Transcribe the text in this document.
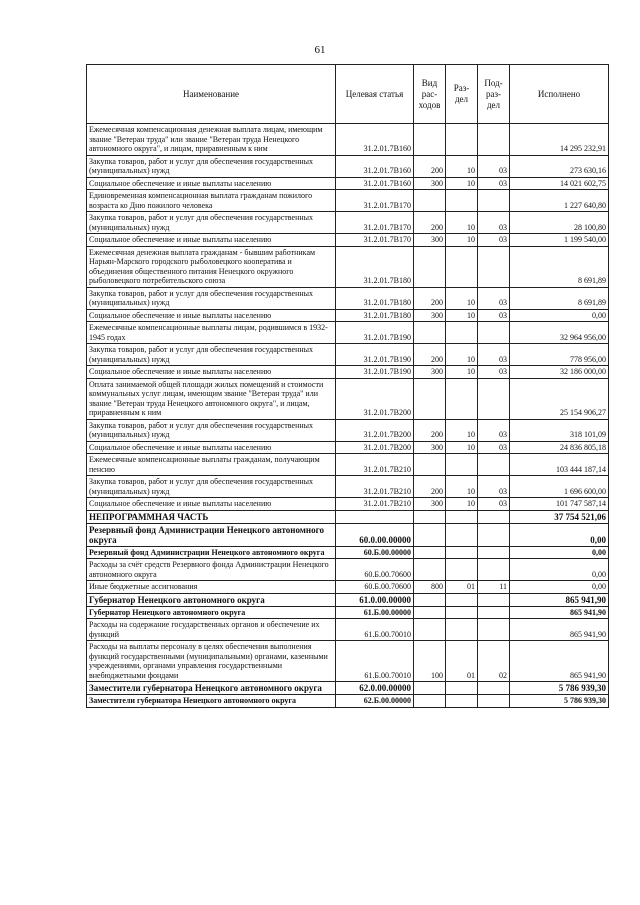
61
Наименование	Целевая статья	Вид рас- ходов	Раз- дел	Под- раз- дел	Исполнено
Ежемесячная компенсационная денежная выплата лицам, имеющим звание "Ветеран труда" или звание "Ветеран труда Ненецкого автономного округа", и лицам, приравненным к ним	31.2.01.7В160				14 295 232,91
Закупка товаров, работ и услуг для обеспечения государственных (муниципальных) нужд	31.2.01.7В160	200	10	03	273 630,16
Социальное обеспечение и иные выплаты населению	31.2.01.7В160	300	10	03	14 021 602,75
Единовременная компенсационная выплата гражданам пожилого возраста ко Дню пожилого человека	31.2.01.7В170				1 227 640,80
Закупка товаров, работ и услуг для обеспечения государственных (муниципальных) нужд	31.2.01.7В170	200	10	03	28 100,80
Социальное обеспечение и иные выплаты населению	31.2.01.7В170	300	10	03	1 199 540,00
Ежемесячная денежная выплата гражданам - бывшим работникам Нарьян-Марского городского рыболовецкого кооператива и объединения общественного питания Ненецкого окружного рыболовецкого потребительского союза	31.2.01.7В180				8 691,89
Закупка товаров, работ и услуг для обеспечения государственных (муниципальных) нужд	31.2.01.7В180	200	10	03	8 691,89
Социальное обеспечение и иные выплаты населению	31.2.01.7В180	300	10	03	0,00
Ежемесячные компенсационные выплаты лицам, родившимся в 1932-1945 годах	31.2.01.7В190				32 964 956,00
Закупка товаров, работ и услуг для обеспечения государственных (муниципальных) нужд	31.2.01.7В190	200	10	03	778 956,00
Социальное обеспечение и иные выплаты населению	31.2.01.7В190	300	10	03	32 186 000,00
Оплата занимаемой общей площади жилых помещений и стоимости коммунальных услуг лицам, имеющим звание "Ветеран труда" или звание "Ветеран труда Ненецкого автономного округа", и лицам, приравненным к ним	31.2.01.7В200				25 154 906,27
Закупка товаров, работ и услуг для обеспечения государственных (муниципальных) нужд	31.2.01.7В200	200	10	03	318 101,09
Социальное обеспечение и иные выплаты населению	31.2.01.7В200	300	10	03	24 836 805,18
Ежемесячные компенсационные выплаты гражданам, получающим пенсию	31.2.01.7В210				103 444 187,14
Закупка товаров, работ и услуг для обеспечения государственных (муниципальных) нужд	31.2.01.7В210	200	10	03	1 696 600,00
Социальное обеспечение и иные выплаты населению	31.2.01.7В210	300	10	03	101 747 587,14
НЕПРОГРАММНАЯ ЧАСТЬ					37 754 521,06
Резервный фонд Администрации Ненецкого автономного округа	60.0.00.00000				0,00
Резервный фонд Администрации Ненецкого автономного округа	60.Б.00.00000				0,00
Расходы за счёт средств Резервного фонда Администрации Ненецкого автономного округа	60.Б.00.70600				0,00
Иные бюджетные ассигнования	60.Б.00.70600	800	01	11	0,00
Губернатор Ненецкого автономного округа	61.0.00.00000				865 941,90
Губернатор Ненецкого автономного округа	61.Б.00.00000				865 941,90
Расходы на содержание государственных органов и обеспечение их функций	61.Б.00.70010				865 941,90
Расходы на выплаты персоналу в целях обеспечения выполнения функций государственными (муниципальными) органами, казенными учреждениями, органами управления государственными внебюджетными фондами	61.Б.00.70010	100	01	02	865 941,90
Заместители губернатора Ненецкого автономного округа	62.0.00.00000				5 786 939,30
Заместители губернатора Ненецкого автономного округа	62.Б.00.00000				5 786 939,30
